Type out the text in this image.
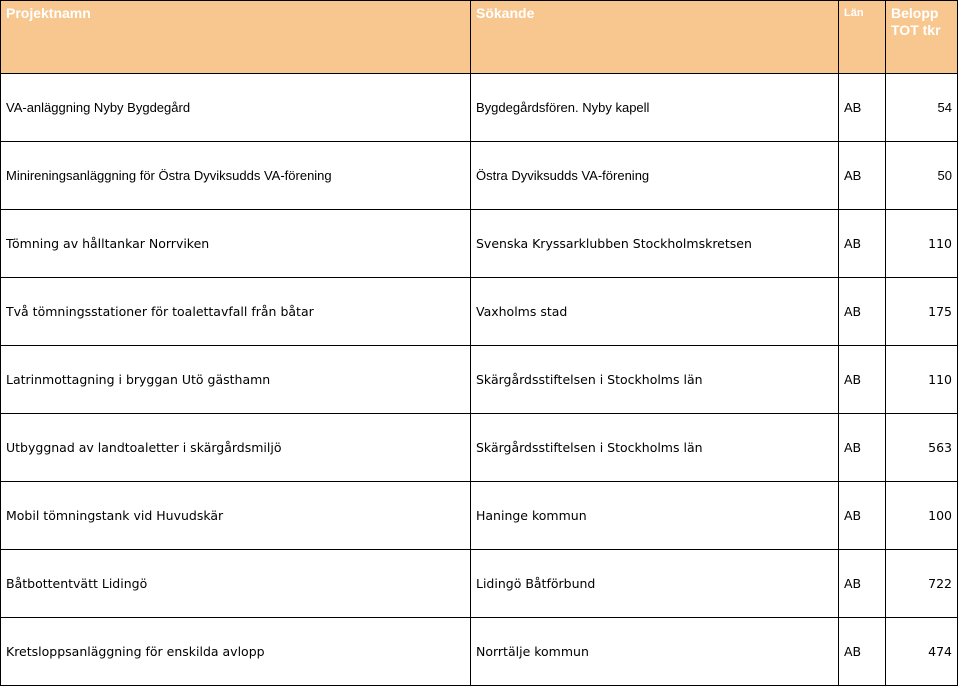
Projektnamn	Sökande	Län	Belopp
TOT tkr
VA-anläggning Nyby Bygdegård	Bygdegårdsfören. Nyby kapell	AB	54
Minireningsanläggning för Östra Dyviksudds VA-förening	Östra Dyviksudds VA-förening	AB	50
Tömning av hålltankar Norrviken	Svenska Kryssarklubben Stockholmskretsen	AB	110
Två tömningsstationer för toalettavfall från båtar	Vaxholms stad	AB	175
Latrinmottagning i bryggan Utö gästhamn	Skärgårdsstiftelsen i Stockholms län	AB	110
Utbyggnad av landtoaletter i skärgårdsmiljö	Skärgårdsstiftelsen i Stockholms län	AB	563
Mobil tömningstank vid Huvudskär	Haninge kommun	AB	100
Båtbottentvätt Lidingö	Lidingö Båtförbund	AB	722
Kretsloppsanläggning för enskilda avlopp	Norrtälje kommun	AB	474
